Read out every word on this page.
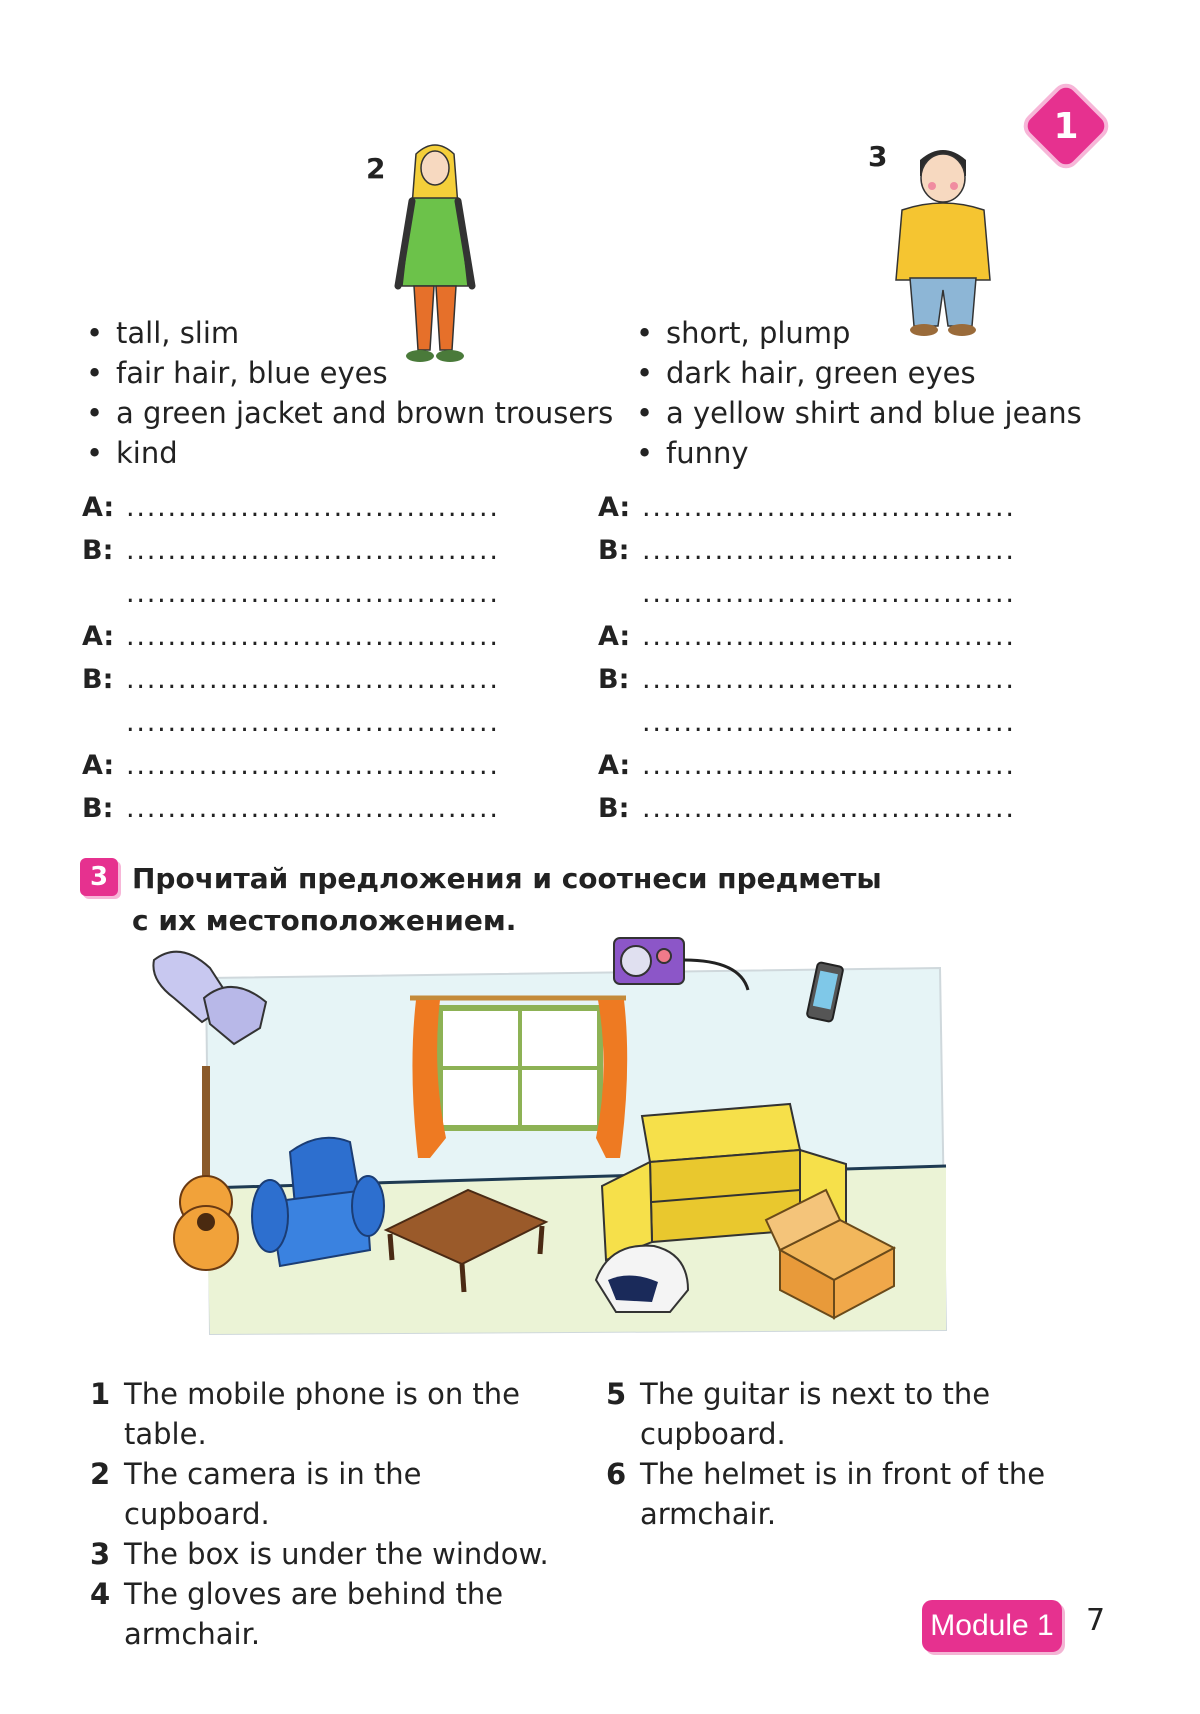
1
2
• tall, slim
• fair hair, blue eyes
• a green jacket and brown trousers
• kind
3
• short, plump
• dark hair, green eyes
• a yellow shirt and blue jeans
• funny
A: ....................................
B: ....................................
....................................
A: ....................................
B: ....................................
....................................
A: ....................................
B: ....................................
A: ....................................
B: ....................................
....................................
A: ....................................
B: ....................................
....................................
A: ....................................
B: ....................................
3 Прочитай предложения и соотнеси предметы
с их местоположением.
1 The mobile phone is on the table.
2 The camera is in the cupboard.
3 The box is under the window.
4 The gloves are behind the armchair.
5 The guitar is next to the cupboard.
6 The helmet is in front of the armchair.
Module 1 7
